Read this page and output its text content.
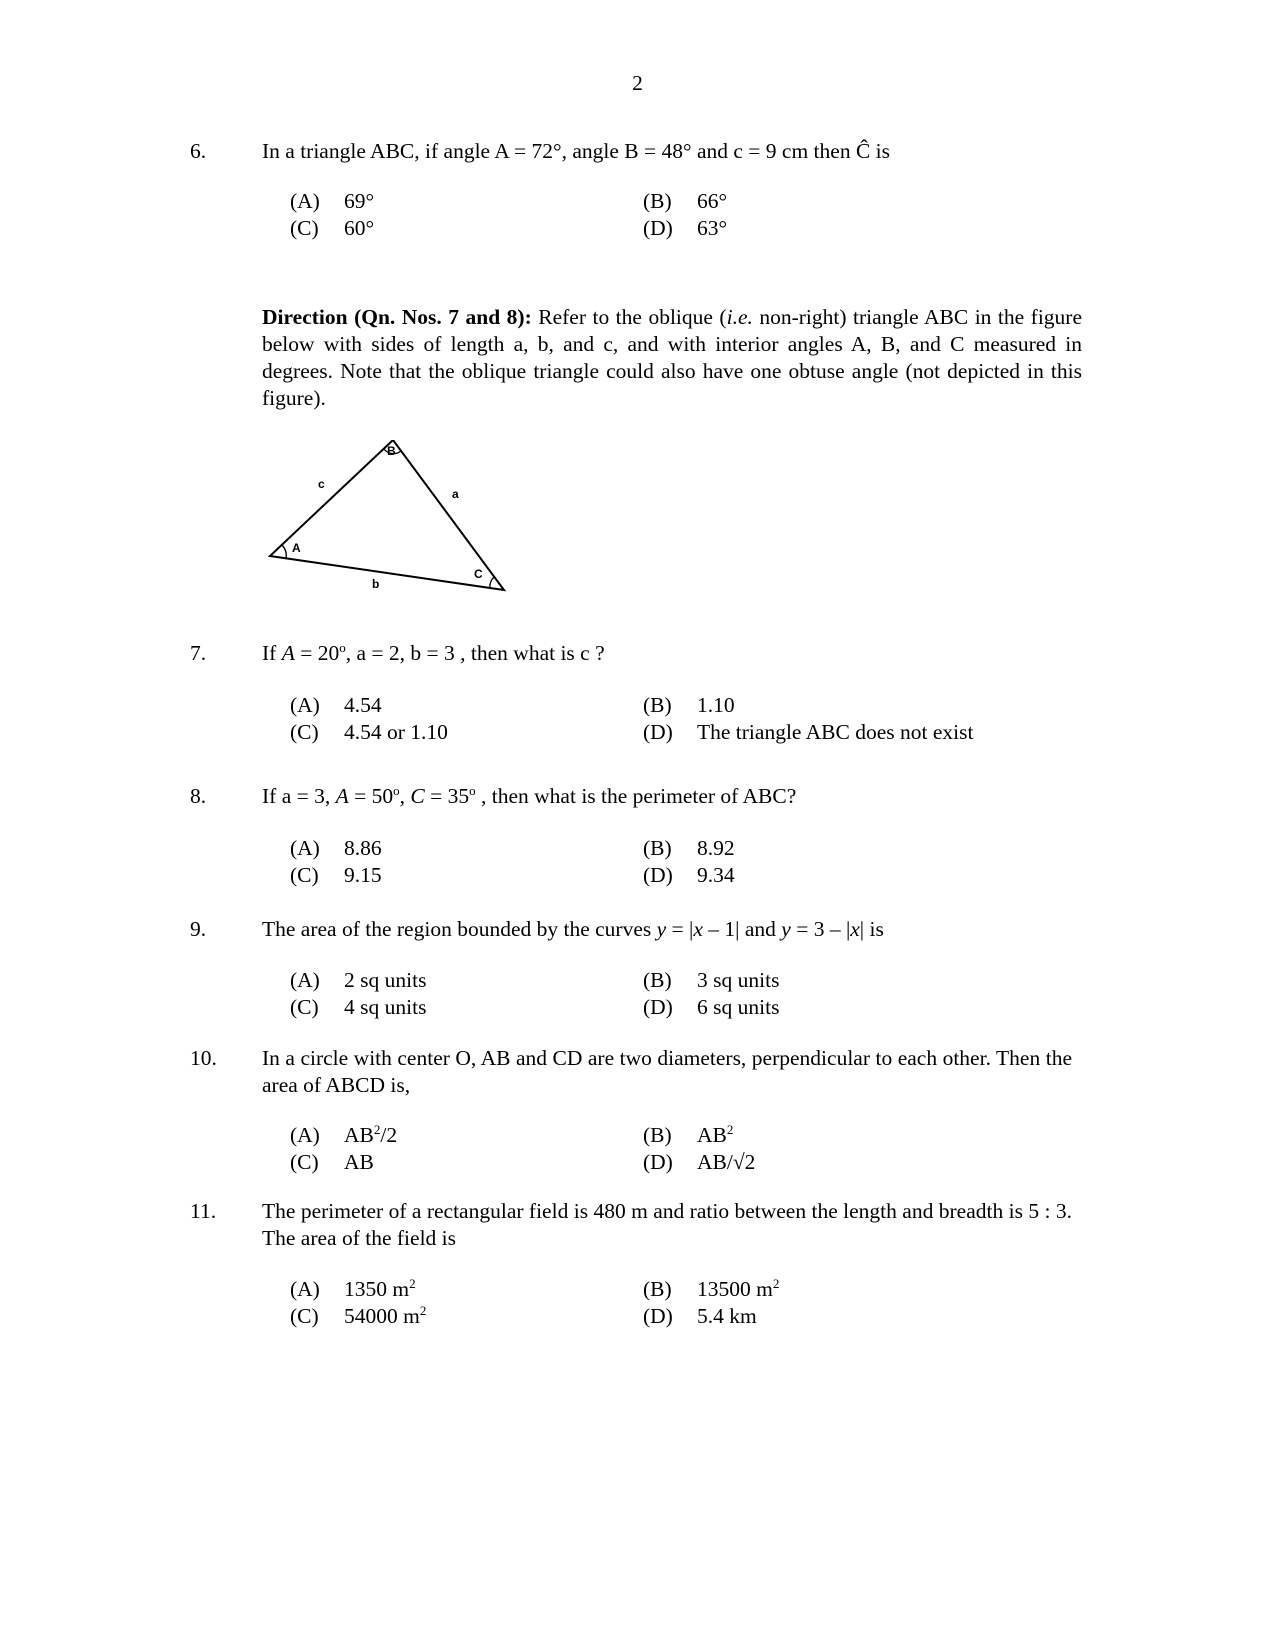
2
6.	In a triangle ABC, if angle A = 72°, angle B = 48° and c = 9 cm then Ĉ is
(A) 69°	(B) 66°
(C) 60°	(D) 63°
Direction (Qn. Nos. 7 and 8): Refer to the oblique (i.e. non-right) triangle ABC in the figure below with sides of length a, b, and c, and with interior angles A, B, and C measured in degrees. Note that the oblique triangle could also have one obtuse angle (not depicted in this figure).
A
B
C
a
b
c
7.	If $A = 20^o$, a = 2, b = 3 , then what is c ?
(A) 4.54	(B) 1.10
(C) 4.54 or 1.10	(D) The triangle ABC does not exist
8.	If a = 3, $A = 50^o$, $C = 35^o$ , then what is the perimeter of ABC?
(A) 8.86	(B) 8.92
(C) 9.15	(D) 9.34
9.	The area of the region bounded by the curves y = |x – 1| and y = 3 – |x| is
(A) 2 sq units	(B) 3 sq units
(C) 4 sq units	(D) 6 sq units
10. In a circle with center O, AB and CD are two diameters, perpendicular to each other. Then the area of ABCD is,
(A) $AB^2/2$	(B) $AB^2$
(C) AB	(D) AB/√2
11. The perimeter of a rectangular field is 480 m and ratio between the length and breadth is 5 : 3. The area of the field is
(A) 1350 $m^2$	(B) 13500 $m^2$
(C) 54000 $m^2$	(D) 5.4 km
